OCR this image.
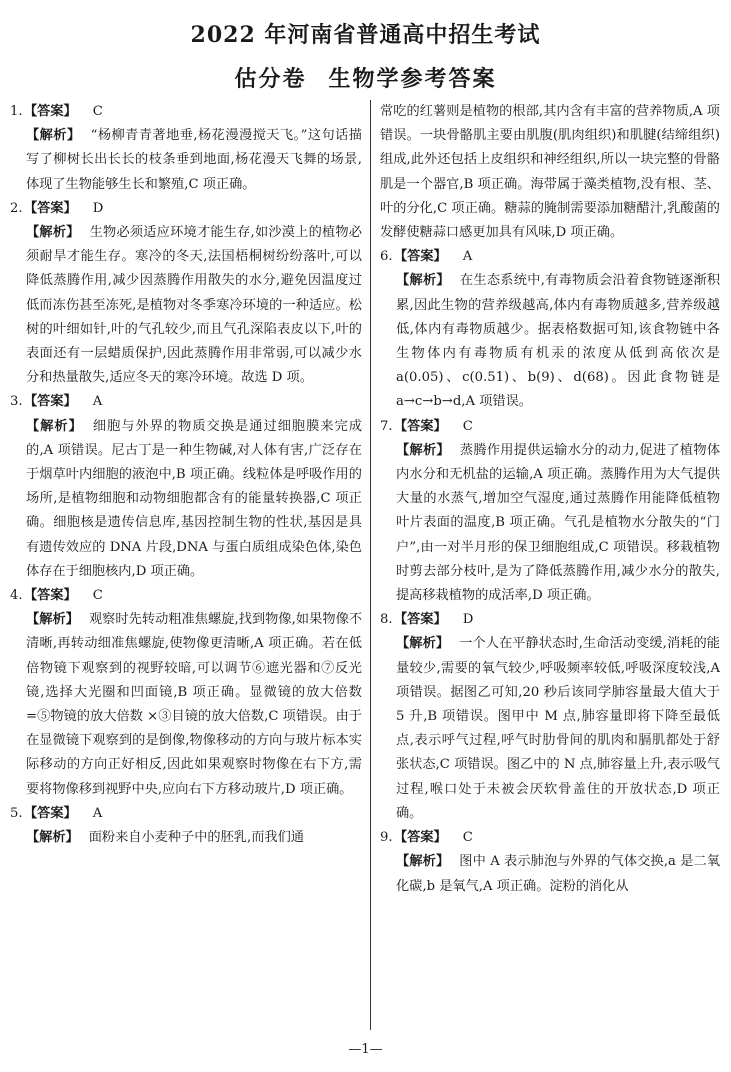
2022 年河南省普通高中招生考试
估分卷 生物学参考答案

1.【答案】 C

【解析】 “杨柳青青著地垂,杨花漫漫搅天飞。”这句话描写了柳树长出长长的枝条垂到地面,杨花漫天飞舞的场景,体现了生物能够生长和繁殖,C 项正确。

2.【答案】 D

【解析】 生物必须适应环境才能生存,如沙漠上的植物必须耐旱才能生存。寒冷的冬天,法国梧桐树纷纷落叶,可以降低蒸腾作用,减少因蒸腾作用散失的水分,避免因温度过低而冻伤甚至冻死,是植物对冬季寒冷环境的一种适应。松树的叶细如针,叶的气孔较少,而且气孔深陷表皮以下,叶的表面还有一层蜡质保护,因此蒸腾作用非常弱,可以减少水分和热量散失,适应冬天的寒冷环境。故选 D 项。

3.【答案】 A

【解析】 细胞与外界的物质交换是通过细胞膜来完成的,A 项错误。尼古丁是一种生物碱,对人体有害,广泛存在于烟草叶内细胞的液泡中,B 项正确。线粒体是呼吸作用的场所,是植物细胞和动物细胞都含有的能量转换器,C 项正确。细胞核是遗传信息库,基因控制生物的性状,基因是具有遗传效应的 DNA 片段,DNA 与蛋白质组成染色体,染色体存在于细胞核内,D 项正确。

4.【答案】 C

【解析】 观察时先转动粗准焦螺旋,找到物像,如果物像不清晰,再转动细准焦螺旋,使物像更清晰,A 项正确。若在低倍物镜下观察到的视野较暗,可以调节⑥遮光器和⑦反光镜,选择大光圈和凹面镜,B 项正确。显微镜的放大倍数 =⑤物镜的放大倍数 ×③目镜的放大倍数,C 项错误。由于在显微镜下观察到的是倒像,物像移动的方向与玻片标本实际移动的方向正好相反,因此如果观察时物像在右下方,需要将物像移到视野中央,应向右下方移动玻片,D 项正确。

5.【答案】 A

【解析】 面粉来自小麦种子中的胚乳,而我们通

常吃的红薯则是植物的根部,其内含有丰富的营养物质,A 项错误。一块骨骼肌主要由肌腹(肌肉组织)和肌腱(结缔组织)组成,此外还包括上皮组织和神经组织,所以一块完整的骨骼肌是一个器官,B 项正确。海带属于藻类植物,没有根、茎、叶的分化,C 项正确。糖蒜的腌制需要添加糖醋汁,乳酸菌的发酵使糖蒜口感更加具有风味,D 项正确。

6.【答案】 A

【解析】 在生态系统中,有毒物质会沿着食物链逐渐积累,因此生物的营养级越高,体内有毒物质越多,营养级越低,体内有毒物质越少。据表格数据可知,该食物链中各生物体内有毒物质有机汞的浓度从低到高依次是 a(0.05)、c(0.51)、b(9)、d(68)。因此食物链是 a→c→b→d,A 项错误。

7.【答案】 C

【解析】 蒸腾作用提供运输水分的动力,促进了植物体内水分和无机盐的运输,A 项正确。蒸腾作用为大气提供大量的水蒸气,增加空气湿度,通过蒸腾作用能降低植物叶片表面的温度,B 项正确。气孔是植物水分散失的“门户”,由一对半月形的保卫细胞组成,C 项错误。移栽植物时剪去部分枝叶,是为了降低蒸腾作用,减少水分的散失,提高移栽植物的成活率,D 项正确。

8.【答案】 D

【解析】 一个人在平静状态时,生命活动变缓,消耗的能量较少,需要的氧气较少,呼吸频率较低,呼吸深度较浅,A 项错误。据图乙可知,20 秒后该同学肺容量最大值大于 5 升,B 项错误。图甲中 M 点,肺容量即将下降至最低点,表示呼气过程,呼气时肋骨间的肌肉和膈肌都处于舒张状态,C 项错误。图乙中的 N 点,肺容量上升,表示吸气过程,喉口处于未被会厌软骨盖住的开放状态,D 项正确。

9.【答案】 C

【解析】 图中 A 表示肺泡与外界的气体交换,a 是二氧化碳,b 是氧气,A 项正确。淀粉的消化从

—1—
